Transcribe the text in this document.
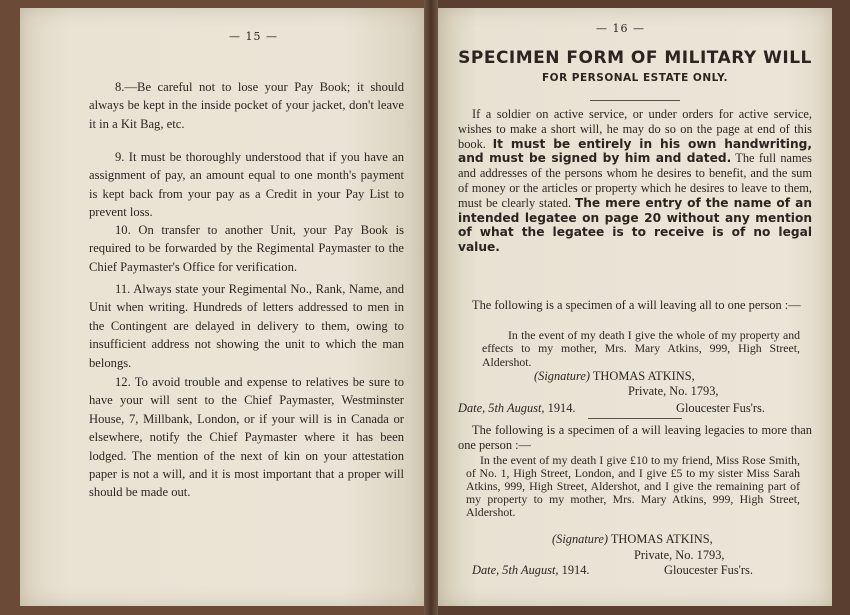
— 15 —

8.—Be careful not to lose your Pay Book; it should always be kept in the inside pocket of your jacket, don't leave it in a Kit Bag, etc.

9. It must be thoroughly understood that if you have an assignment of pay, an amount equal to one month's payment is kept back from your pay as a Credit in your Pay List to prevent loss.

10. On transfer to another Unit, your Pay Book is required to be forwarded by the Regimental Paymaster to the Chief Paymaster's Office for verification.

11. Always state your Regimental No., Rank, Name, and Unit when writing. Hundreds of letters addressed to men in the Contingent are delayed in delivery to them, owing to insufficient address not showing the unit to which the man belongs.

12. To avoid trouble and expense to relatives be sure to have your will sent to the Chief Paymaster, Westminster House, 7, Millbank, London, or if your will is in Canada or elsewhere, notify the Chief Paymaster where it has been lodged. The mention of the next of kin on your attestation paper is not a will, and it is most important that a proper will should be made out.

— 16 —
SPECIMEN FORM OF MILITARY WILL
FOR PERSONAL ESTATE ONLY.
If a soldier on active service, or under orders for active service, wishes to make a short will, he may do so on the page at end of this book. It must be entirely in his own handwriting, and must be signed by him and dated. The full names and addresses of the persons whom he desires to benefit, and the sum of money or the articles or property which he desires to leave to them, must be clearly stated. The mere entry of the name of an intended legatee on page 20 without any mention of what the legatee is to receive is of no legal value.
The following is a specimen of a will leaving all to one person :—
In the event of my death I give the whole of my property and effects to my mother, Mrs. Mary Atkins, 999, High Street, Aldershot.
(Signature) THOMAS ATKINS,
Private, No. 1793,
Date, 5th August, 1914.	Gloucester Fus'rs.
The following is a specimen of a will leaving legacies to more than one person :—
In the event of my death I give £10 to my friend, Miss Rose Smith, of No. 1, High Street, London, and I give £5 to my sister Miss Sarah Atkins, 999, High Street, Aldershot, and I give the remaining part of my property to my mother, Mrs. Mary Atkins, 999, High Street, Aldershot.
(Signature) THOMAS ATKINS,
Private, No. 1793,
Date, 5th August, 1914.	Gloucester Fus'rs.
